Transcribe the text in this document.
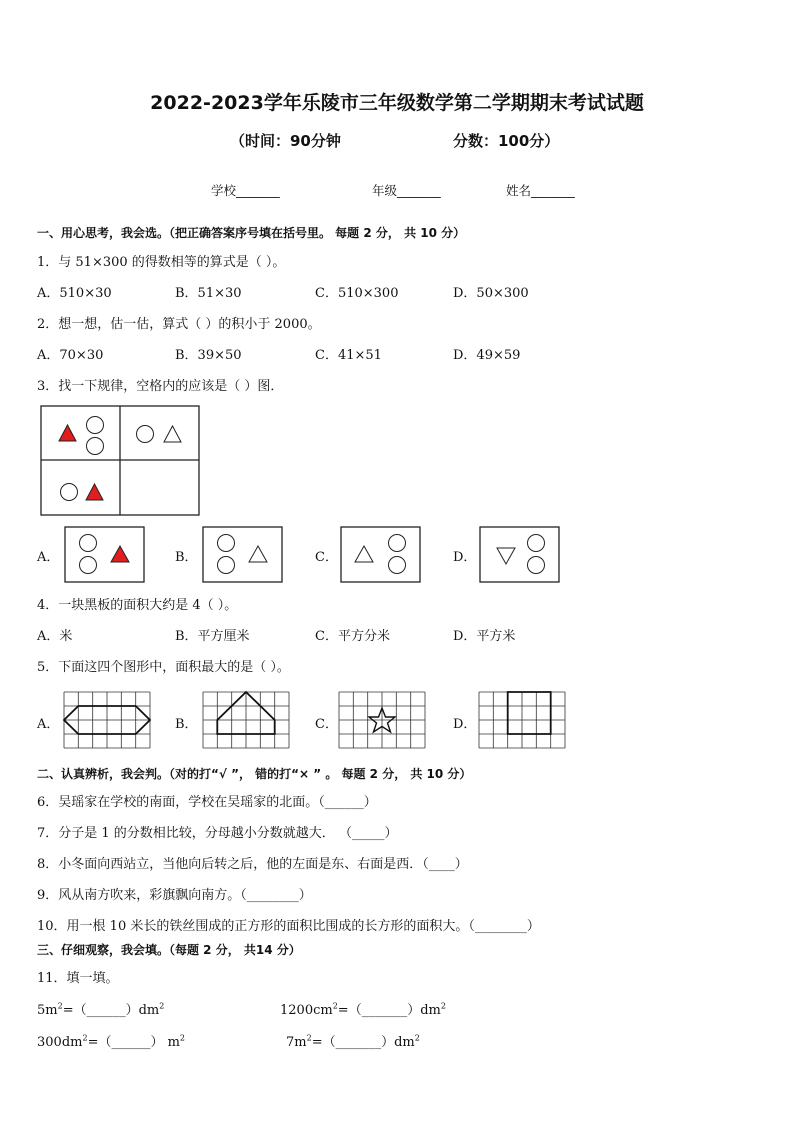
2022-2023学年乐陵市三年级数学第二学期期末考试试题
（时间：90分钟	分数：100分）
学校_______	年级_______	姓名_______
一、用心思考，我会选。（把正确答案序号填在括号里。 每题 2 分， 共 10 分）
1．与 51×300 的得数相等的算式是（ ）。
A．510×30	B．51×30	C．510×300	D．50×300
2．想一想，估一估，算式（ ）的积小于 2000。
A．70×30	B．39×50	C．41×51	D．49×59
3．找一下规律，空格内的应该是（ ）图．
A．	B．	C．	D．
4．一块黑板的面积大约是 4（ ）。
A．米	B．平方厘米	C．平方分米	D．平方米
5．下面这四个图形中，面积最大的是（ ）。
A．	B．	C．	D．
二、认真辨析，我会判。（对的打“√ ”， 错的打“× ” 。 每题 2 分， 共 10 分）
6．吴瑶家在学校的南面，学校在吴瑶家的北面。（______）
7．分子是 1 的分数相比较，分母越小分数就越大． （_____）
8．小冬面向西站立，当他向后转之后，他的左面是东、右面是西．（____）
9．风从南方吹来，彩旗飘向南方。（________）
10．用一根 10 米长的铁丝围成的正方形的面积比围成的长方形的面积大。（________）
三、仔细观察，我会填。（每题 2 分， 共14 分）
11．填一填。
$5m^2=(\_\_\_\_\_\_)dm^2$	$1200cm^2=(\_\_\_\_\_\_\_)dm^2$
$300dm^2=(\_\_\_\_\_\_)$ $m^2$	$7m^2=(\_\_\_\_\_\_\_)dm^2$
